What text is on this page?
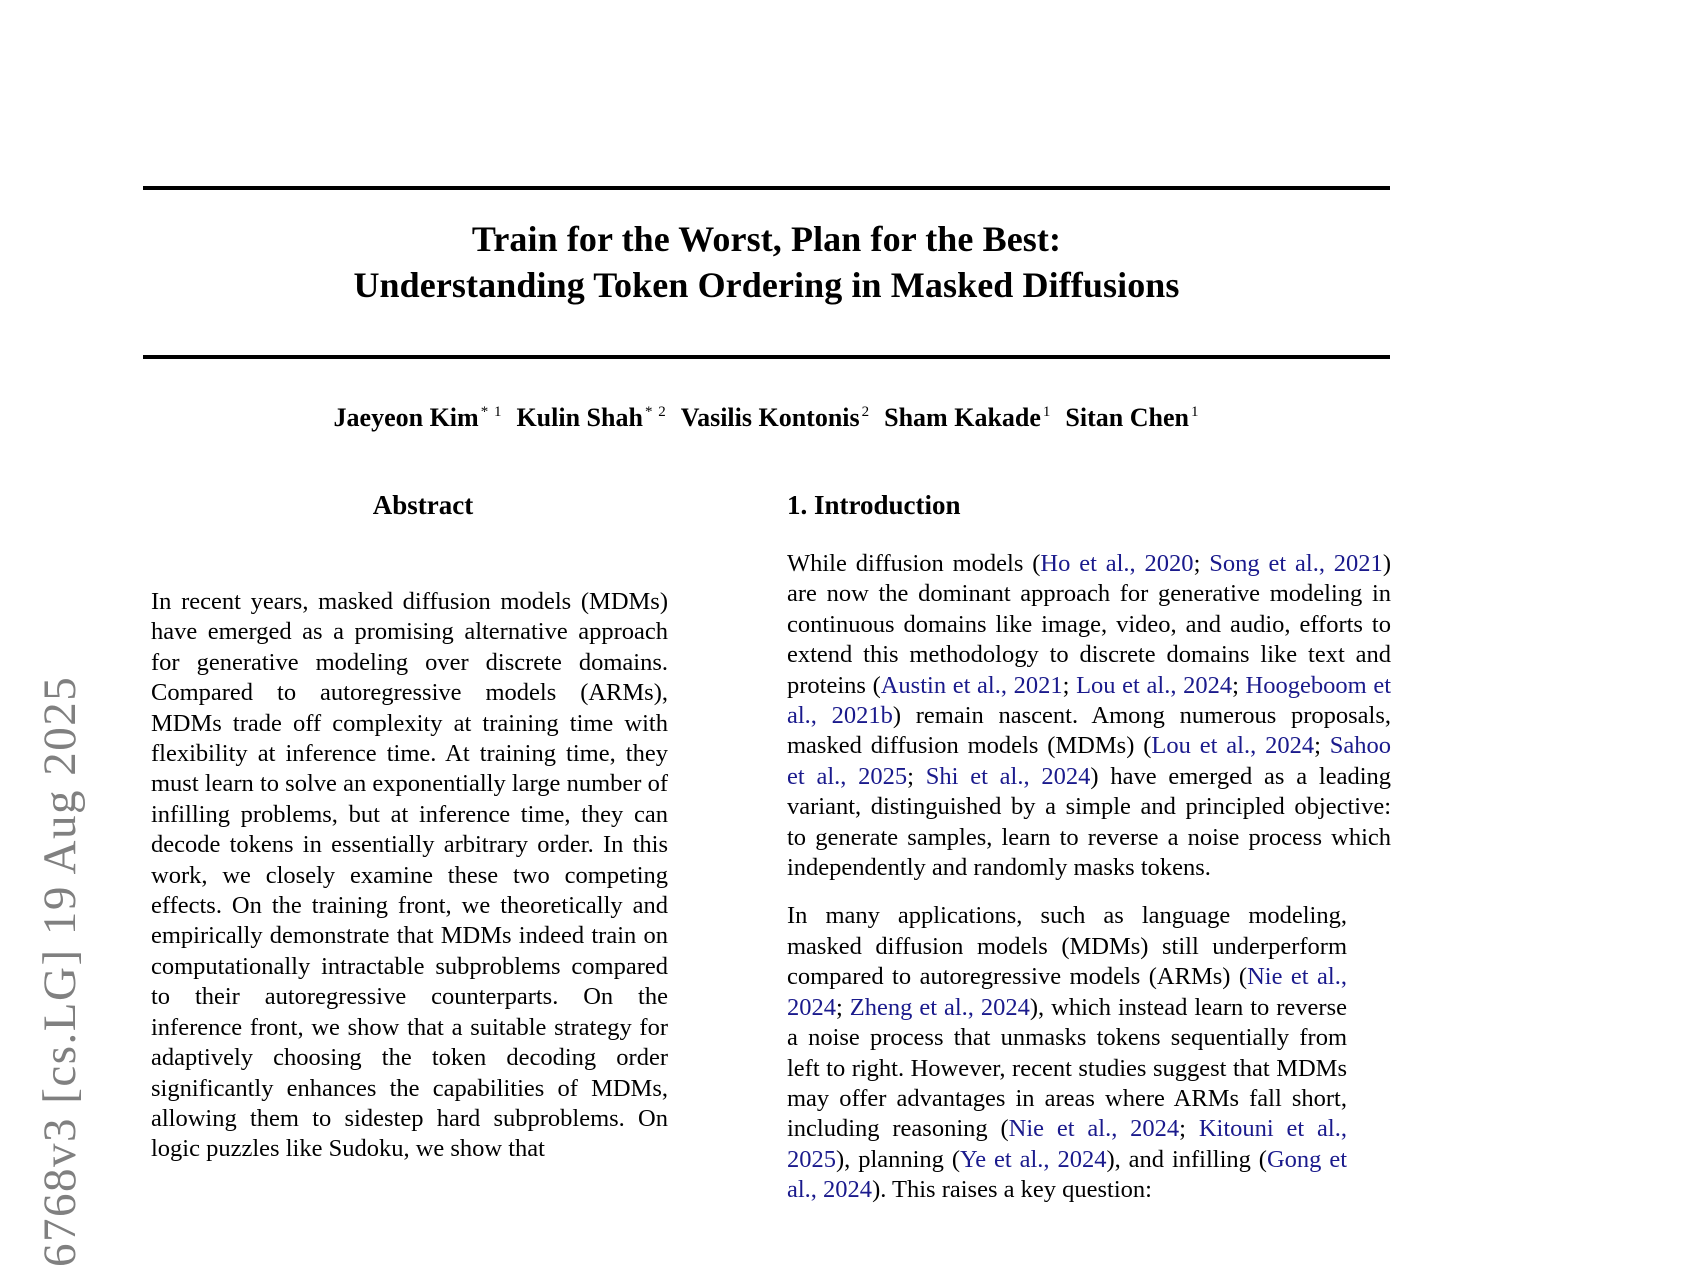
6768v3 [cs.LG] 19 Aug 2025
Train for the Worst, Plan for the Best:
Understanding Token Ordering in Masked Diffusions
Jaeyeon Kim $^{* 1}$ Kulin Shah $^{* 2}$ Vasilis Kontonis $^2$ Sham Kakade $^1$ Sitan Chen $^1$
Abstract

In recent years, masked diffusion models (MDMs) have emerged as a promising alternative approach for generative modeling over discrete domains. Compared to autoregressive models (ARMs), MDMs trade off complexity at training time with flexibility at inference time. At training time, they must learn to solve an exponentially large number of infilling problems, but at inference time, they can decode tokens in essentially arbitrary order. In this work, we closely examine these two competing effects. On the training front, we theoretically and empirically demonstrate that MDMs indeed train on computationally intractable subproblems compared to their autoregressive counterparts. On the inference front, we show that a suitable strategy for adaptively choosing the token decoding order significantly enhances the capabilities of MDMs, allowing them to sidestep hard subproblems. On logic puzzles like Sudoku, we show that

1. Introduction

While diffusion models (Ho et al., 2020; Song et al., 2021) are now the dominant approach for generative modeling in continuous domains like image, video, and audio, efforts to extend this methodology to discrete domains like text and proteins (Austin et al., 2021; Lou et al., 2024; Hoogeboom et al., 2021b) remain nascent. Among numerous proposals, masked diffusion models (MDMs) (Lou et al., 2024; Sahoo et al., 2025; Shi et al., 2024) have emerged as a leading variant, distinguished by a simple and principled objective: to generate samples, learn to reverse a noise process which independently and randomly masks tokens.

In many applications, such as language modeling, masked diffusion models (MDMs) still underperform compared to autoregressive models (ARMs) (Nie et al., 2024; Zheng et al., 2024), which instead learn to reverse a noise process that unmasks tokens sequentially from left to right. However, recent studies suggest that MDMs may offer advantages in areas where ARMs fall short, including reasoning (Nie et al., 2024; Kitouni et al., 2025), planning (Ye et al., 2024), and infilling (Gong et al., 2024). This raises a key question:
